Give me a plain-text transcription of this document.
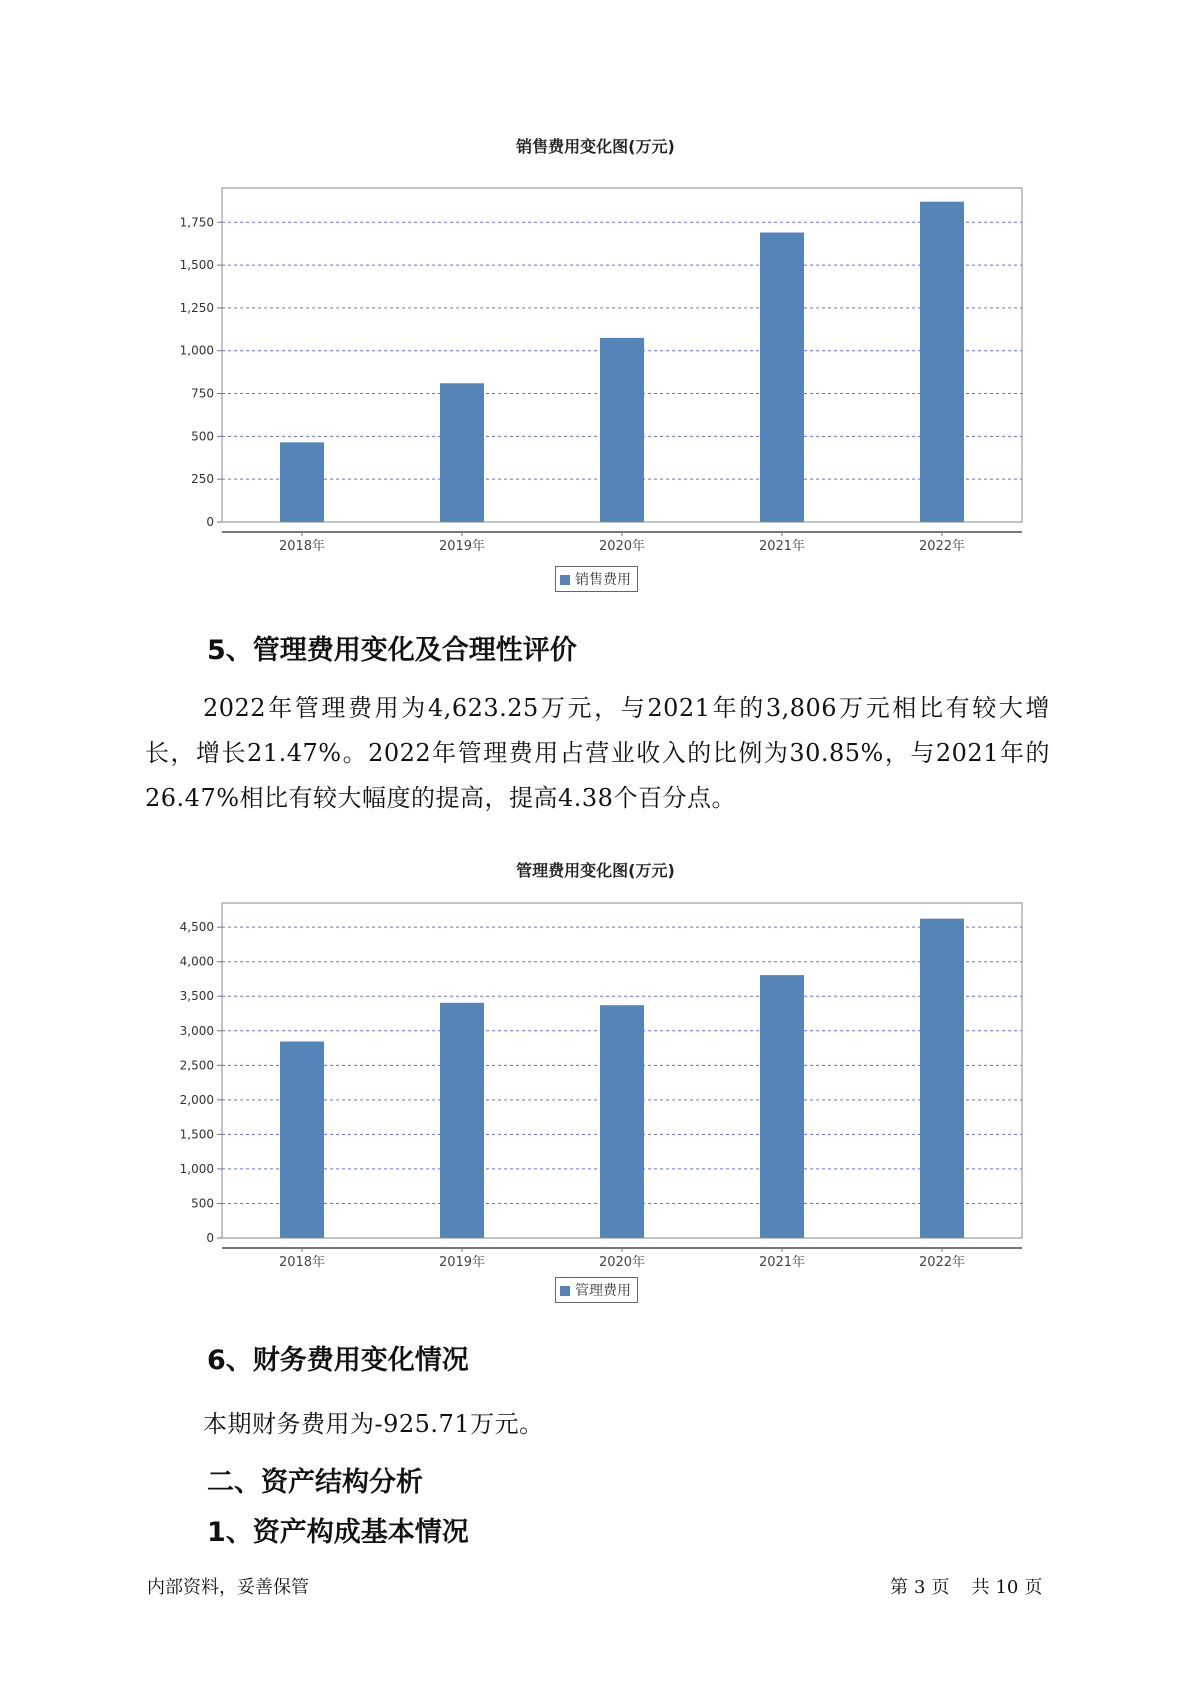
销售费用变化图(万元)
0
250
500
750
1,000
1,250
1,500
1,750
2018年	2019年	2020年	2021年	2022年
销售费用
5、管理费用变化及合理性评价
2022年管理费用为4,623.25万元，与2021年的3,806万元相比有较大增长，增长21.47%。2022年管理费用占营业收入的比例为30.85%，与2021年的26.47%相比有较大幅度的提高，提高4.38个百分点。
管理费用变化图(万元)
0
500
1,000
1,500
2,000
2,500
3,000
3,500
4,000
4,500
2018年	2019年	2020年	2021年	2022年
管理费用
6、财务费用变化情况
本期财务费用为-925.71万元。
二、资产结构分析
1、资产构成基本情况
内部资料，妥善保管	第 3 页 共 10 页
